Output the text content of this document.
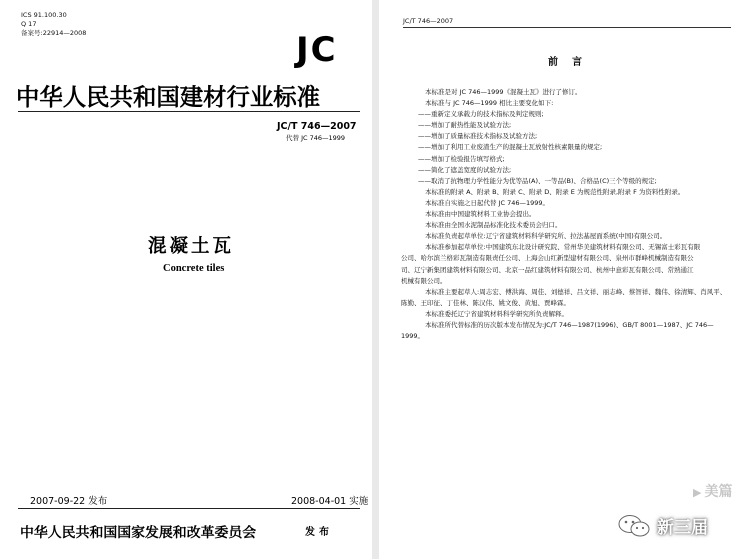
ICS 91.100.30
Q 17
备案号:22914—2008	JC
中华人民共和国建材行业标准
JC/T 746—2007
代替 JC 746—1999
混凝土瓦
Concrete tiles
2007-09-22 发布	2008-04-01 实施
中华人民共和国国家发展和改革委员会	发布
JC/T 746—2007
前言
本标准是对 JC 746—1999《混凝土瓦》进行了修订。
本标准与 JC 746—1999 相比主要变化如下:
——重新定义承载力的技术指标及判定规则;
——增加了耐热性能及试验方法;
——增加了质量标准技术指标及试验方法;
——增加了利用工业废渣生产的混凝土瓦放射性核素限量的规定;
——增加了检验报告填写格式;
——简化了遮盖宽度的试验方法;
——取消了抗物理力学性能分为优等品(A)、一等品(B)、合格品(C)三个等级的规定;
本标准的附录 A、附录 B、附录 C、附录 D、附录 E 为规范性附录,附录 F 为资料性附录。
本标准自实施之日起代替 JC 746—1999。
本标准由中国建筑材料工业协会提出。
本标准由全国水泥制品标准化技术委员会归口。
本标准负责起草单位:辽宁省建筑材料科学研究所、拉法基屋面系统(中国)有限公司。
本标准参加起草单位:中国建筑东北设计研究院、常州华美建筑材料有限公司、无锡富士彩瓦有限
公司、哈尔滨兰格彩瓦制造有限责任公司、上海会山红新型建材有限公司、泉州市群峰机械制造有限公
司、辽宁新集团建筑材料有限公司、北京一品红建筑材料有限公司、杭州中意彩瓦有限公司、常熟通江
机械有限公司。
本标准主要起草人:周志宏、傅洪海、周佳、刘德祥、吕文祥、丽志峰、蔡智祥、魏伟、徐清辉、肖风平、
陈勤、王印征、丁佳林、陈汉伟、姚文俊、黄旭、贾峰霖。
本标准委托辽宁省建筑材料科学研究所负责解释。
本标准所代替标准的历次版本发布情况为:JC/T 746—1987(1996)、GB/T 8001—1987、JC 746—
1999。
▶ 美篇
新三届
